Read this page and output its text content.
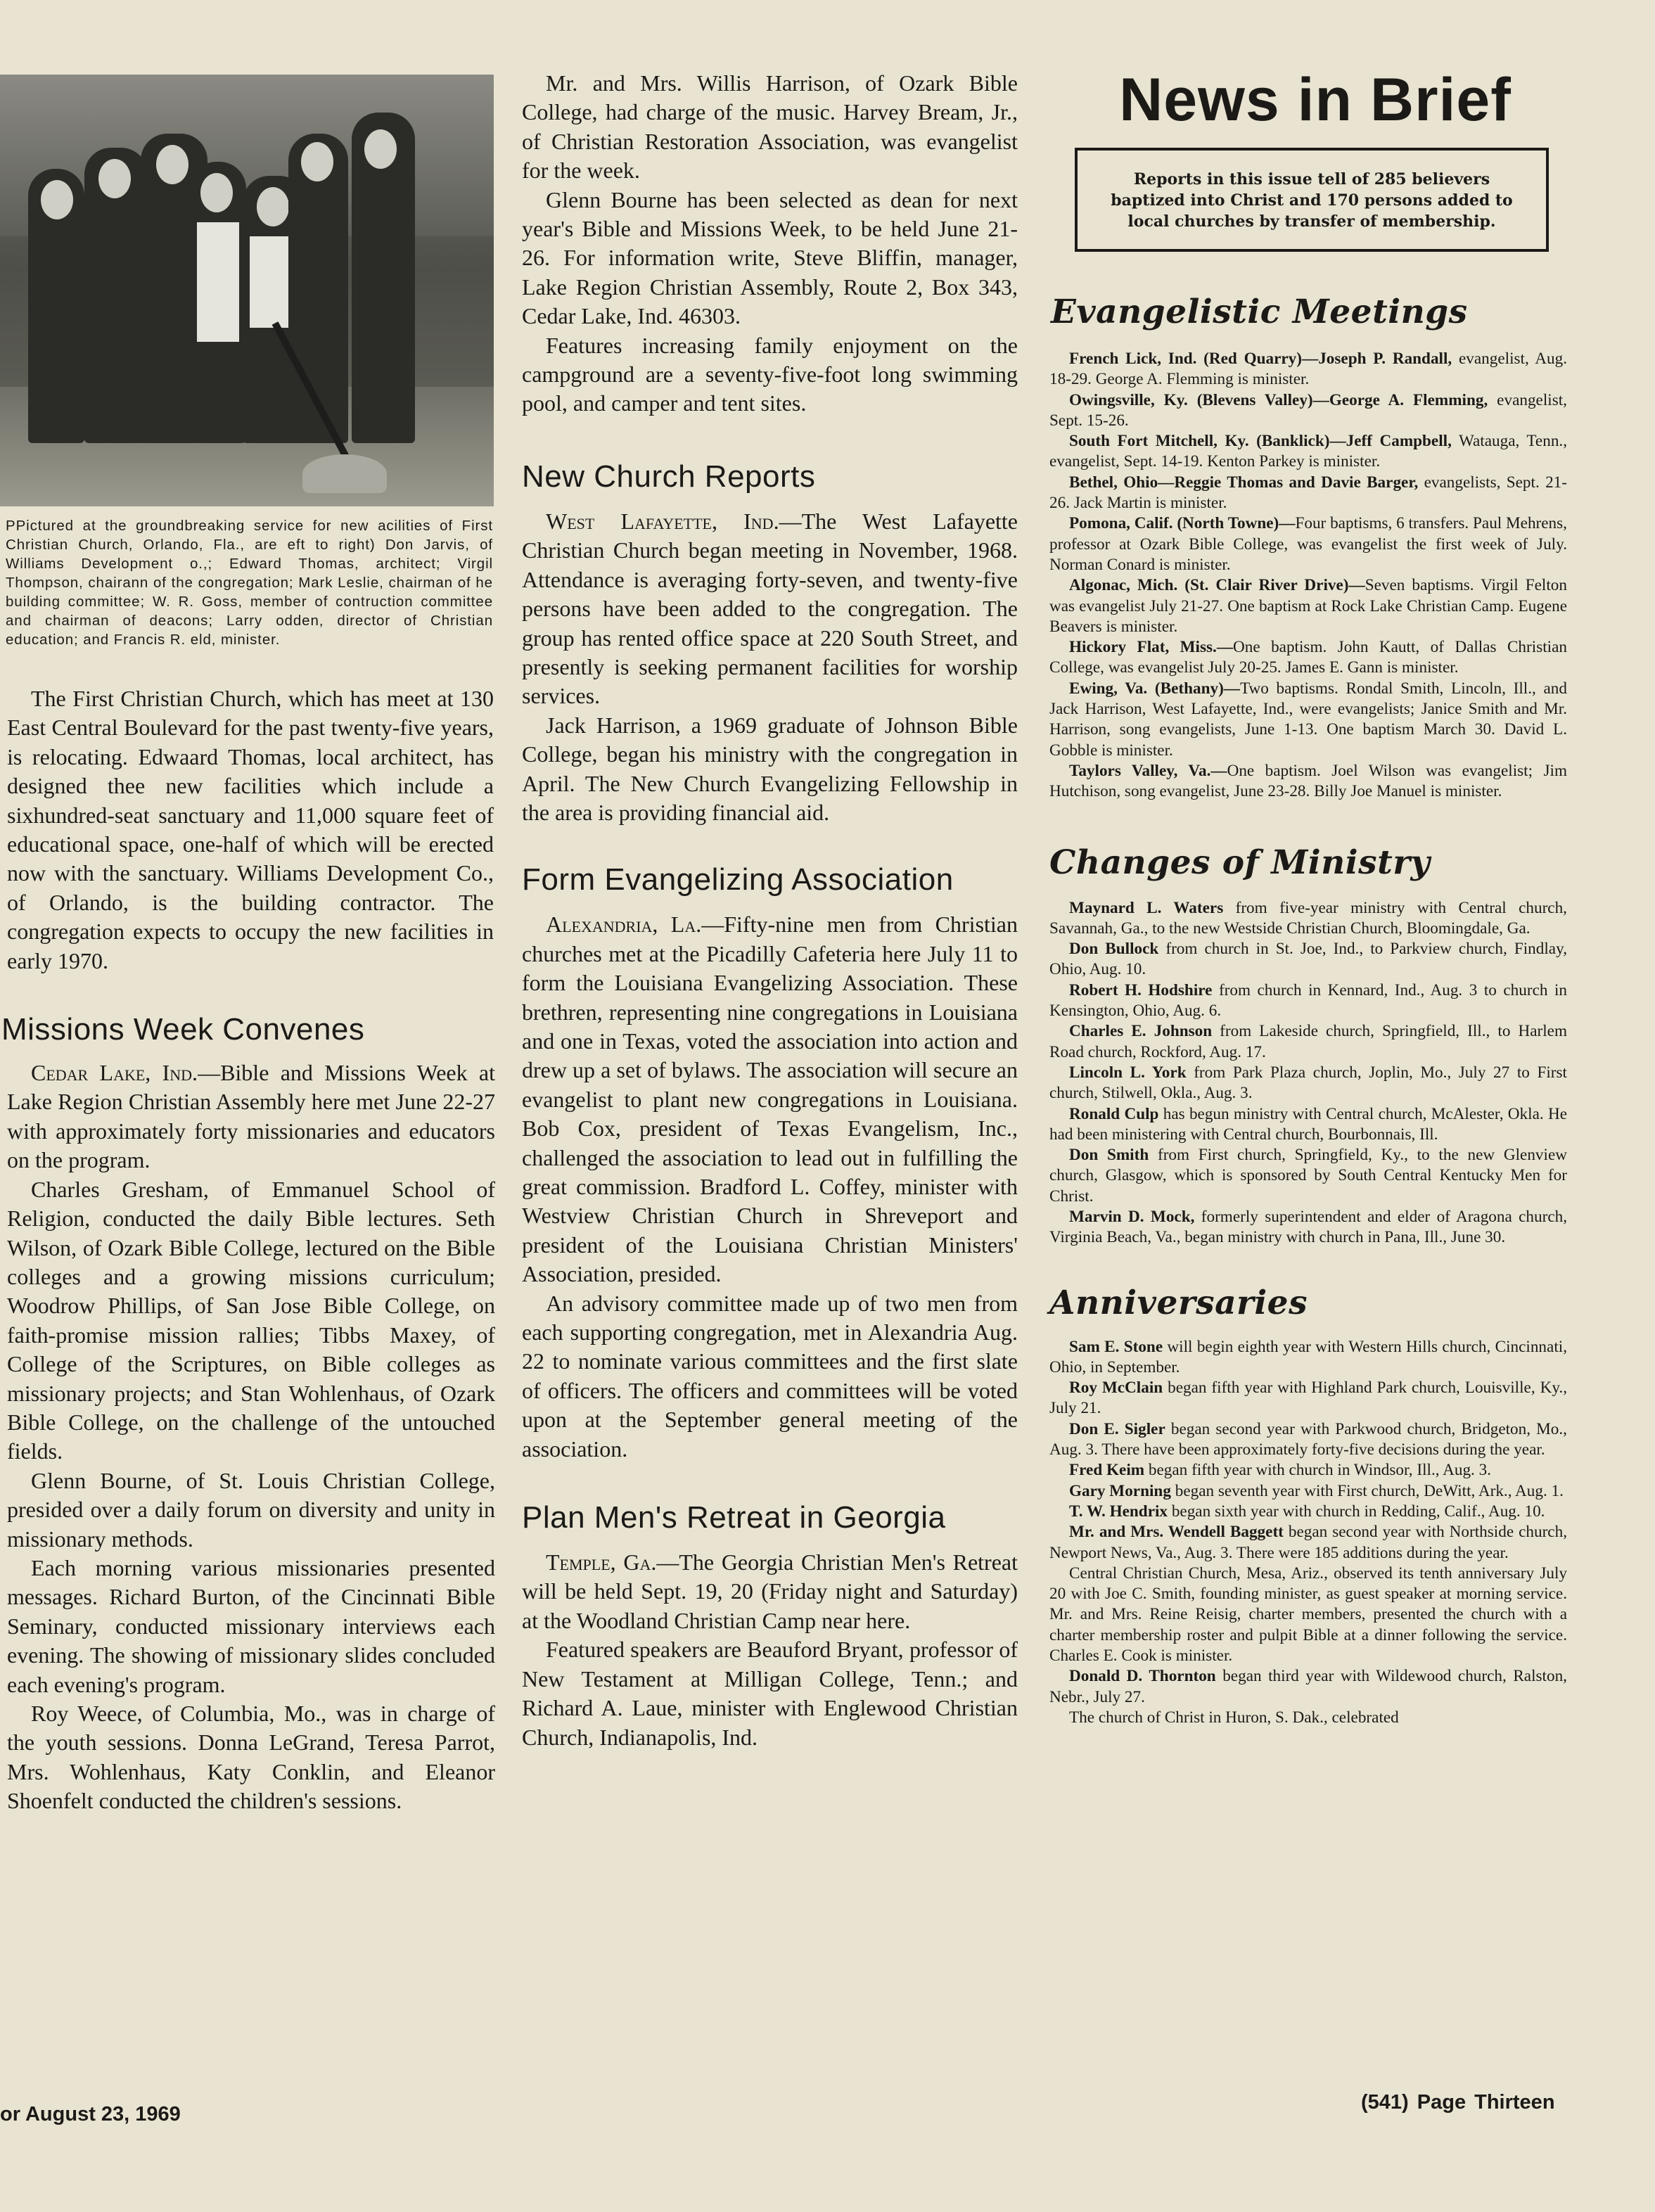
PPictured at the groundbreaking service for new acilities of First Christian Church, Orlando, Fla., are eft to right) Don Jarvis, of Williams Development o.,; Edward Thomas, architect; Virgil Thompson, chairann of the congregation; Mark Leslie, chairman of he building committee; W. R. Goss, member of contruction committee and chairman of deacons; Larry odden, director of Christian education; and Francis R. eld, minister.

The First Christian Church, which has meet at 130 East Central Boulevard for the past twenty-five years, is relocating. Edwaard Thomas, local architect, has designed thee new facilities which include a sixhundred-seat sanctuary and 11,000 square feet of educational space, one-half of which will be erected now with the sanctuary. Williams Development Co., of Orlando, is the building contractor. The congregation expects to occupy the new facilities in early 1970.

Missions Week Convenes

Cedar Lake, Ind.—Bible and Missions Week at Lake Region Christian Assembly here met June 22-27 with approximately forty missionaries and educators on the program.

Charles Gresham, of Emmanuel School of Religion, conducted the daily Bible lectures. Seth Wilson, of Ozark Bible College, lectured on the Bible colleges and a growing missions curriculum; Woodrow Phillips, of San Jose Bible College, on faith-promise mission rallies; Tibbs Maxey, of College of the Scriptures, on Bible colleges as missionary projects; and Stan Wohlenhaus, of Ozark Bible College, on the challenge of the untouched fields.

Glenn Bourne, of St. Louis Christian College, presided over a daily forum on diversity and unity in missionary methods.

Each morning various missionaries presented messages. Richard Burton, of the Cincinnati Bible Seminary, conducted missionary interviews each evening. The showing of missionary slides concluded each evening's program.

Roy Weece, of Columbia, Mo., was in charge of the youth sessions. Donna LeGrand, Teresa Parrot, Mrs. Wohlenhaus, Katy Conklin, and Eleanor Shoenfelt conducted the children's sessions.

Mr. and Mrs. Willis Harrison, of Ozark Bible College, had charge of the music. Harvey Bream, Jr., of Christian Restoration Association, was evangelist for the week.

Glenn Bourne has been selected as dean for next year's Bible and Missions Week, to be held June 21-26. For information write, Steve Bliffin, manager, Lake Region Christian Assembly, Route 2, Box 343, Cedar Lake, Ind. 46303.

Features increasing family enjoyment on the campground are a seventy-five-foot long swimming pool, and camper and tent sites.

New Church Reports

West Lafayette, Ind.—The West Lafayette Christian Church began meeting in November, 1968. Attendance is averaging forty-seven, and twenty-five persons have been added to the congregation. The group has rented office space at 220 South Street, and presently is seeking permanent facilities for worship services.

Jack Harrison, a 1969 graduate of Johnson Bible College, began his ministry with the congregation in April. The New Church Evangelizing Fellowship in the area is providing financial aid.

Form Evangelizing Association

Alexandria, La.—Fifty-nine men from Christian churches met at the Picadilly Cafeteria here July 11 to form the Louisiana Evangelizing Association. These brethren, representing nine congregations in Louisiana and one in Texas, voted the association into action and drew up a set of bylaws. The association will secure an evangelist to plant new congregations in Louisiana. Bob Cox, president of Texas Evangelism, Inc., challenged the association to lead out in fulfilling the great commission. Bradford L. Coffey, minister with Westview Christian Church in Shreveport and president of the Louisiana Christian Ministers' Association, presided.

An advisory committee made up of two men from each supporting congregation, met in Alexandria Aug. 22 to nominate various committees and the first slate of officers. The officers and committees will be voted upon at the September general meeting of the association.

Plan Men's Retreat in Georgia

Temple, Ga.—The Georgia Christian Men's Retreat will be held Sept. 19, 20 (Friday night and Saturday) at the Woodland Christian Camp near here.

Featured speakers are Beauford Bryant, professor of New Testament at Milligan College, Tenn.; and Richard A. Laue, minister with Englewood Christian Church, Indianapolis, Ind.

News in Brief
Reports in this issue tell of 285 believers baptized into Christ and 170 persons added to local churches by transfer of membership.
Evangelistic Meetings

French Lick, Ind. (Red Quarry)—Joseph P. Randall, evangelist, Aug. 18-29. George A. Flemming is minister.

Owingsville, Ky. (Blevens Valley)—George A. Flemming, evangelist, Sept. 15-26.

South Fort Mitchell, Ky. (Banklick)—Jeff Campbell, Watauga, Tenn., evangelist, Sept. 14-19. Kenton Parkey is minister.

Bethel, Ohio—Reggie Thomas and Davie Barger, evangelists, Sept. 21-26. Jack Martin is minister.

Pomona, Calif. (North Towne)—Four baptisms, 6 transfers. Paul Mehrens, professor at Ozark Bible College, was evangelist the first week of July. Norman Conard is minister.

Algonac, Mich. (St. Clair River Drive)—Seven baptisms. Virgil Felton was evangelist July 21-27. One baptism at Rock Lake Christian Camp. Eugene Beavers is minister.

Hickory Flat, Miss.—One baptism. John Kautt, of Dallas Christian College, was evangelist July 20-25. James E. Gann is minister.

Ewing, Va. (Bethany)—Two baptisms. Rondal Smith, Lincoln, Ill., and Jack Harrison, West Lafayette, Ind., were evangelists; Janice Smith and Mr. Harrison, song evangelists, June 1-13. One baptism March 30. David L. Gobble is minister.

Taylors Valley, Va.—One baptism. Joel Wilson was evangelist; Jim Hutchison, song evangelist, June 23-28. Billy Joe Manuel is minister.

Changes of Ministry

Maynard L. Waters from five-year ministry with Central church, Savannah, Ga., to the new Westside Christian Church, Bloomingdale, Ga.

Don Bullock from church in St. Joe, Ind., to Parkview church, Findlay, Ohio, Aug. 10.

Robert H. Hodshire from church in Kennard, Ind., Aug. 3 to church in Kensington, Ohio, Aug. 6.

Charles E. Johnson from Lakeside church, Springfield, Ill., to Harlem Road church, Rockford, Aug. 17.

Lincoln L. York from Park Plaza church, Joplin, Mo., July 27 to First church, Stilwell, Okla., Aug. 3.

Ronald Culp has begun ministry with Central church, McAlester, Okla. He had been ministering with Central church, Bourbonnais, Ill.

Don Smith from First church, Springfield, Ky., to the new Glenview church, Glasgow, which is sponsored by South Central Kentucky Men for Christ.

Marvin D. Mock, formerly superintendent and elder of Aragona church, Virginia Beach, Va., began ministry with church in Pana, Ill., June 30.

Anniversaries

Sam E. Stone will begin eighth year with Western Hills church, Cincinnati, Ohio, in September.

Roy McClain began fifth year with Highland Park church, Louisville, Ky., July 21.

Don E. Sigler began second year with Parkwood church, Bridgeton, Mo., Aug. 3. There have been approximately forty-five decisions during the year.

Fred Keim began fifth year with church in Windsor, Ill., Aug. 3.

Gary Morning began seventh year with First church, DeWitt, Ark., Aug. 1.

T. W. Hendrix began sixth year with church in Redding, Calif., Aug. 10.

Mr. and Mrs. Wendell Baggett began second year with Northside church, Newport News, Va., Aug. 3. There were 185 additions during the year.

Central Christian Church, Mesa, Ariz., observed its tenth anniversary July 20 with Joe C. Smith, founding minister, as guest speaker at morning service. Mr. and Mrs. Reine Reisig, charter members, presented the church with a charter membership roster and pulpit Bible at a dinner following the service. Charles E. Cook is minister.

Donald D. Thornton began third year with Wildewood church, Ralston, Nebr., July 27.

The church of Christ in Huron, S. Dak., celebrated

or August 23, 1969
(541) Page Thirteen
